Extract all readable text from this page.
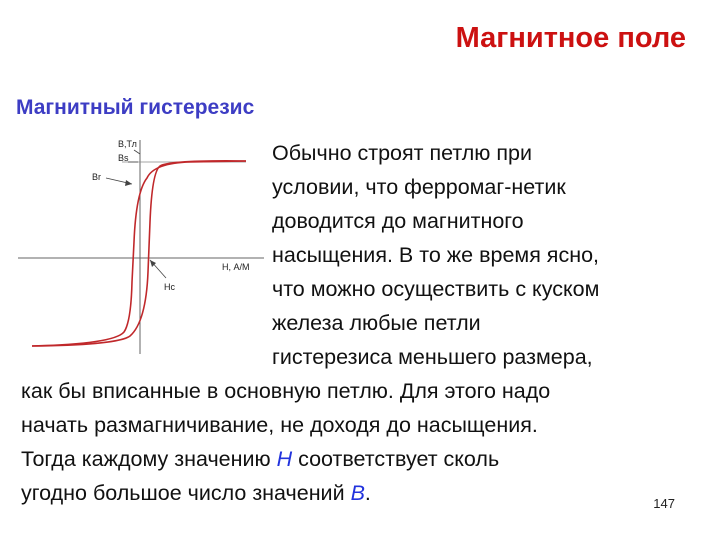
Магнитное поле
Магнитный гистерезис
B,Тл
Bs
Br
Hc
H, А/М
Обычно строят петлю при
условии, что ферромаг-нетик
доводится до магнитного
насыщения. В то же время ясно,
что можно осуществить с куском
железа любые петли
гистерезиса меньшего размера,
как бы вписанные в основную петлю. Для этого надо
начать размагничивание, не доходя до насыщения.
Тогда каждому значению H соответствует сколь
угодно большое число значений B.	147
